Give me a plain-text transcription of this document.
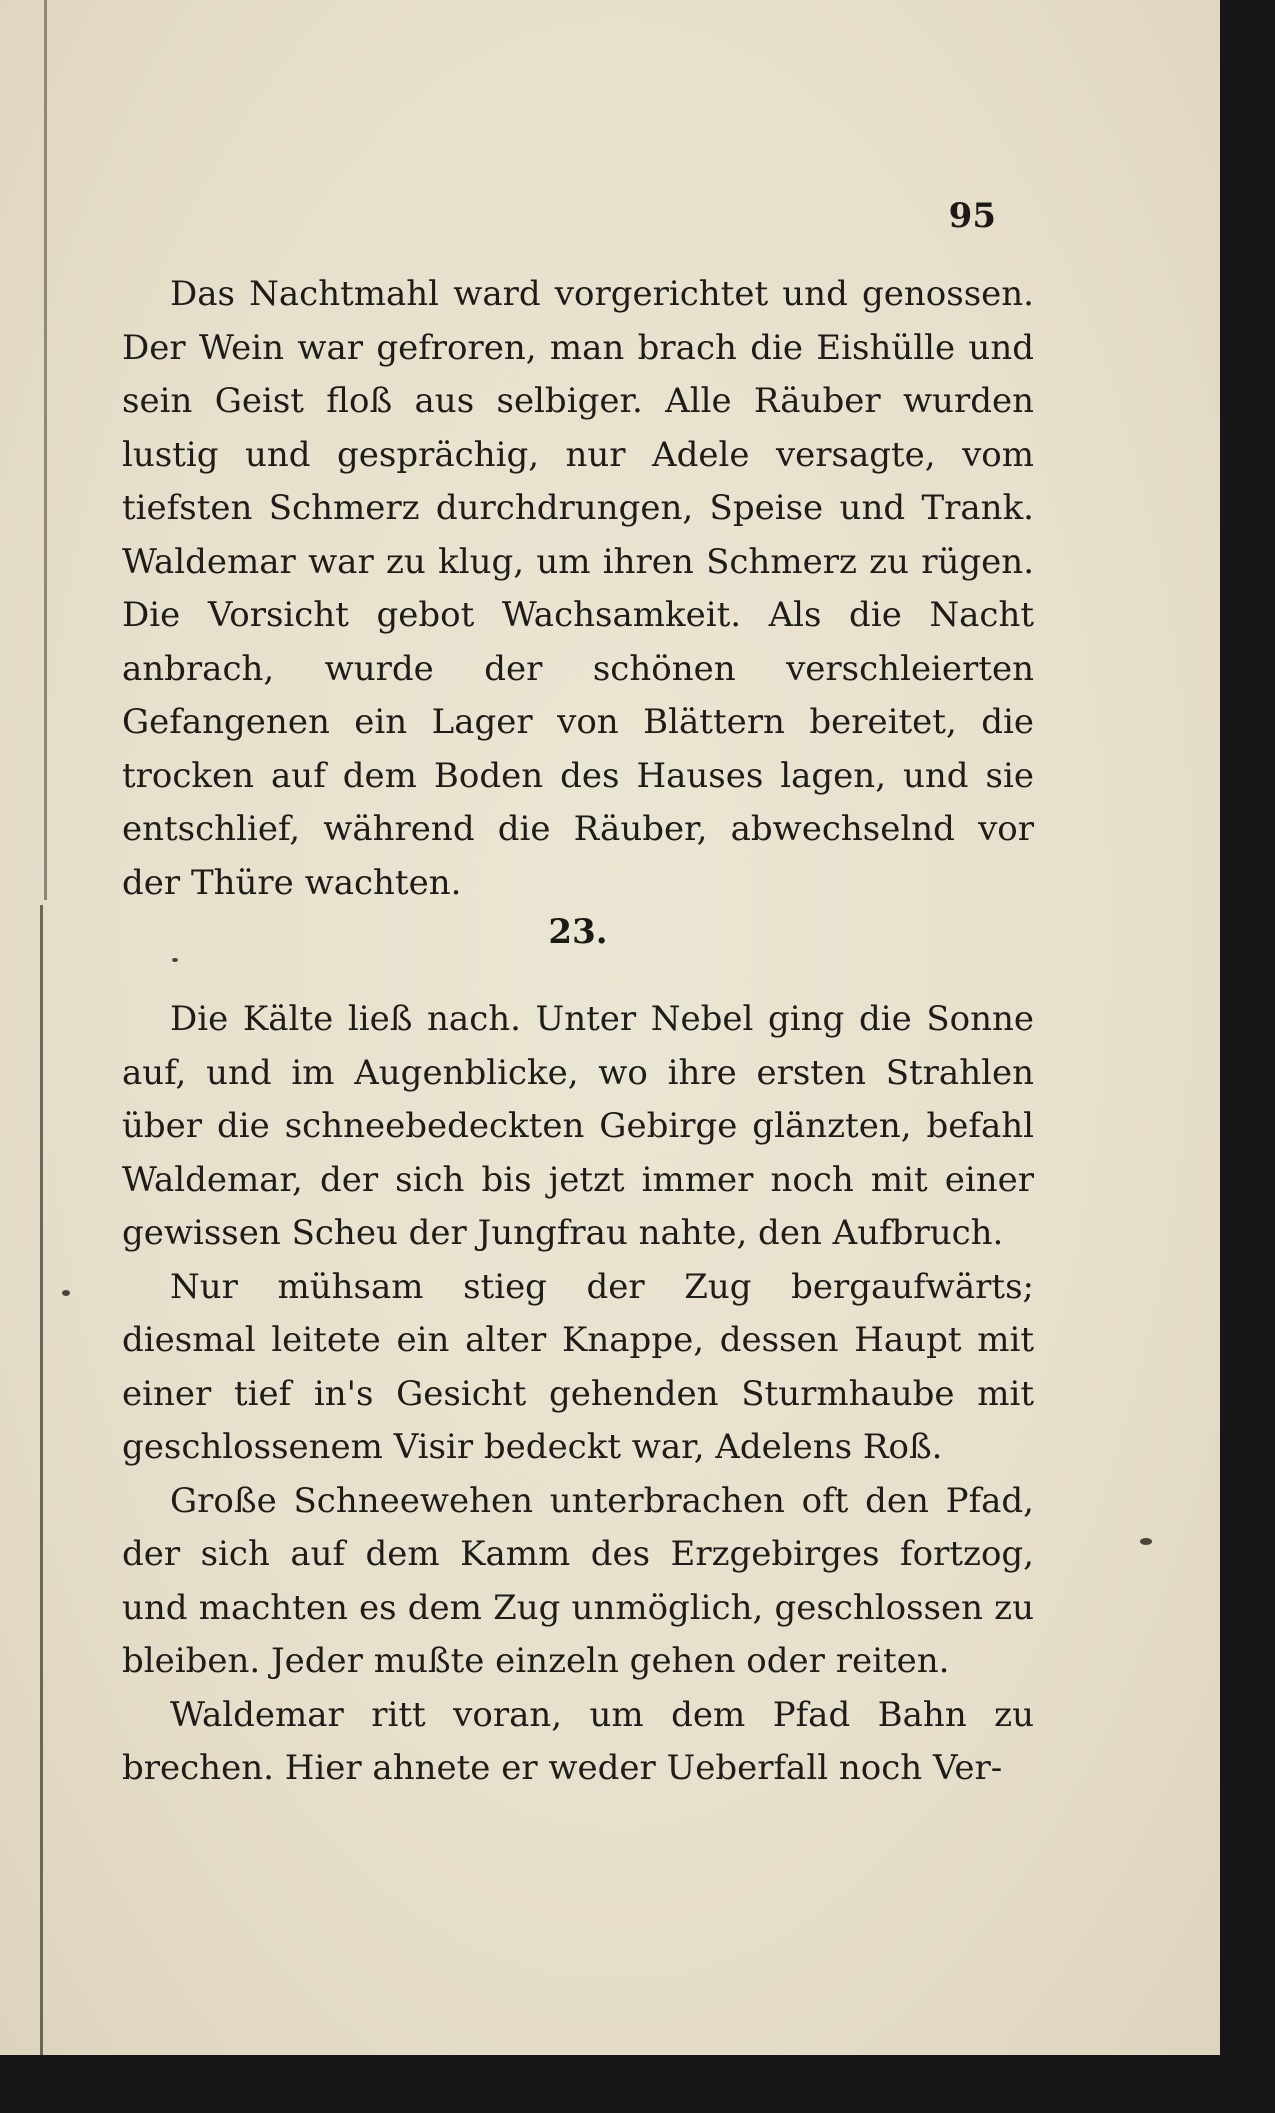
95

Das Nachtmahl ward vorgerichtet und genossen. Der Wein war gefroren, man brach die Eishülle und sein Geist floß aus selbiger. Alle Räuber wurden lustig und gesprächig, nur Adele versagte, vom tiefsten Schmerz durchdrungen, Speise und Trank. Waldemar war zu klug, um ihren Schmerz zu rügen. Die Vorsicht gebot Wachsamkeit. Als die Nacht anbrach, wurde der schönen verschleierten Gefangenen ein Lager von Blättern bereitet, die trocken auf dem Boden des Hauses lagen, und sie entschlief, während die Räuber, abwechselnd vor der Thüre wachten.

23.

Die Kälte ließ nach. Unter Nebel ging die Sonne auf, und im Augenblicke, wo ihre ersten Strahlen über die schneebedeckten Gebirge glänzten, befahl Waldemar, der sich bis jetzt immer noch mit einer gewissen Scheu der Jungfrau nahte, den Aufbruch.

Nur mühsam stieg der Zug bergaufwärts; diesmal leitete ein alter Knappe, dessen Haupt mit einer tief in's Gesicht gehenden Sturmhaube mit geschlossenem Visir bedeckt war, Adelens Roß.

Große Schneewehen unterbrachen oft den Pfad, der sich auf dem Kamm des Erzgebirges fortzog, und machten es dem Zug unmöglich, geschlossen zu bleiben. Jeder mußte einzeln gehen oder reiten.

Waldemar ritt voran, um dem Pfad Bahn zu brechen. Hier ahnete er weder Ueberfall noch Ver-
